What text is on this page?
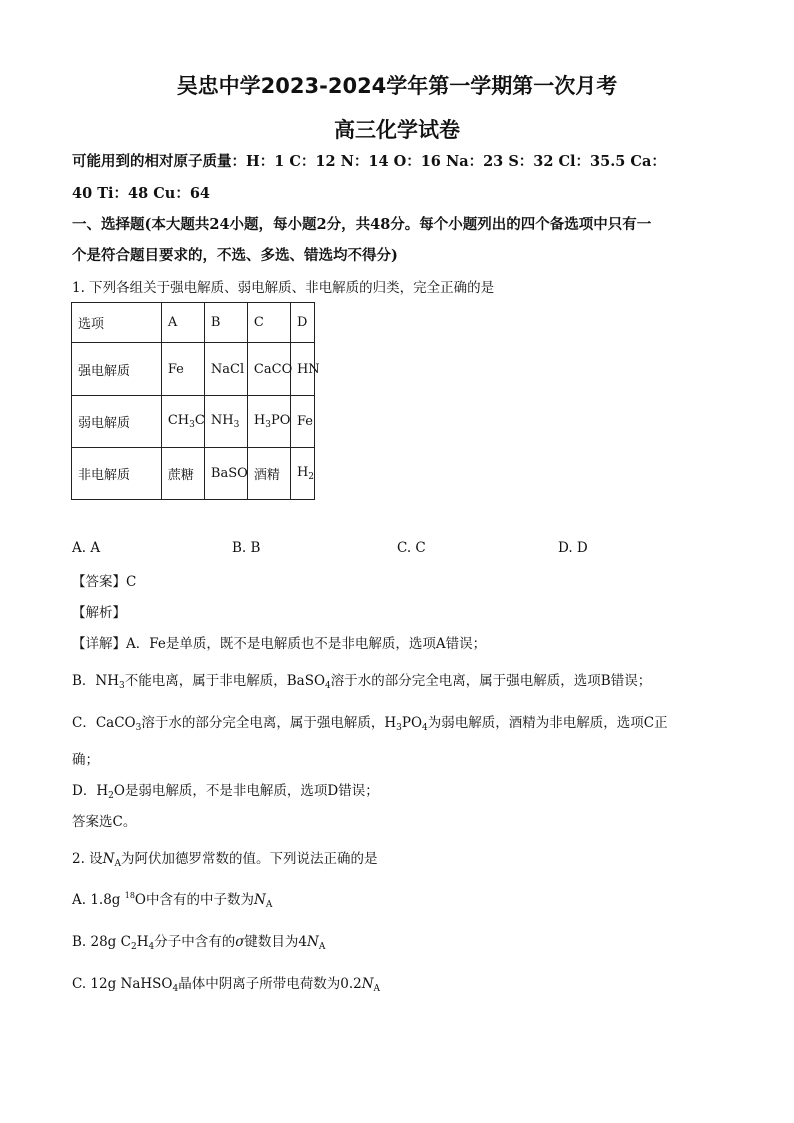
吴忠中学2023-2024学年第一学期第一次月考
高三化学试卷
可能用到的相对原子质量：H：1 C：12 N：14 O：16 Na：23 S：32 Cl：35.5 Ca：
40 Ti：48 Cu：64
一、选择题(本大题共24小题，每小题2分，共48分。每个小题列出的四个备选项中只有一
个是符合题目要求的，不选、多选、错选均不得分)
1. 下列各组关于强电解质、弱电解质、非电解质的归类，完全正确的是
选项	A	B	C	D
强电解质	Fe	NaCl	CaCO	HN
弱电解质	$CH_3C$	$NH_3$	$H_3PO$	Fe
非电解质	蔗糖	BaSO	酒精	$H_2$
A. A	B. B	C. C	D. D
【答案】C
【解析】
【详解】A．Fe是单质，既不是电解质也不是非电解质，选项A错误；
B．$NH_3$不能电离，属于非电解质，BaSO$_4$溶于水的部分完全电离，属于强电解质，选项B错误；
C．CaCO$_3$溶于水的部分完全电离，属于强电解质，$H_3PO_4$为弱电解质，酒精为非电解质，选项C正
确；
D．$H_2O$是弱电解质，不是非电解质，选项D错误；
答案选C。
2. 设$N_A$为阿伏加德罗常数的值。下列说法正确的是
A. 1.8g $^{18}$O中含有的中子数为$N_A$
B. 28g $C_2H_4$分子中含有的σ键数目为$4N_A$
C. 12g NaHSO$_4$晶体中阴离子所带电荷数为$0.2N_A$
